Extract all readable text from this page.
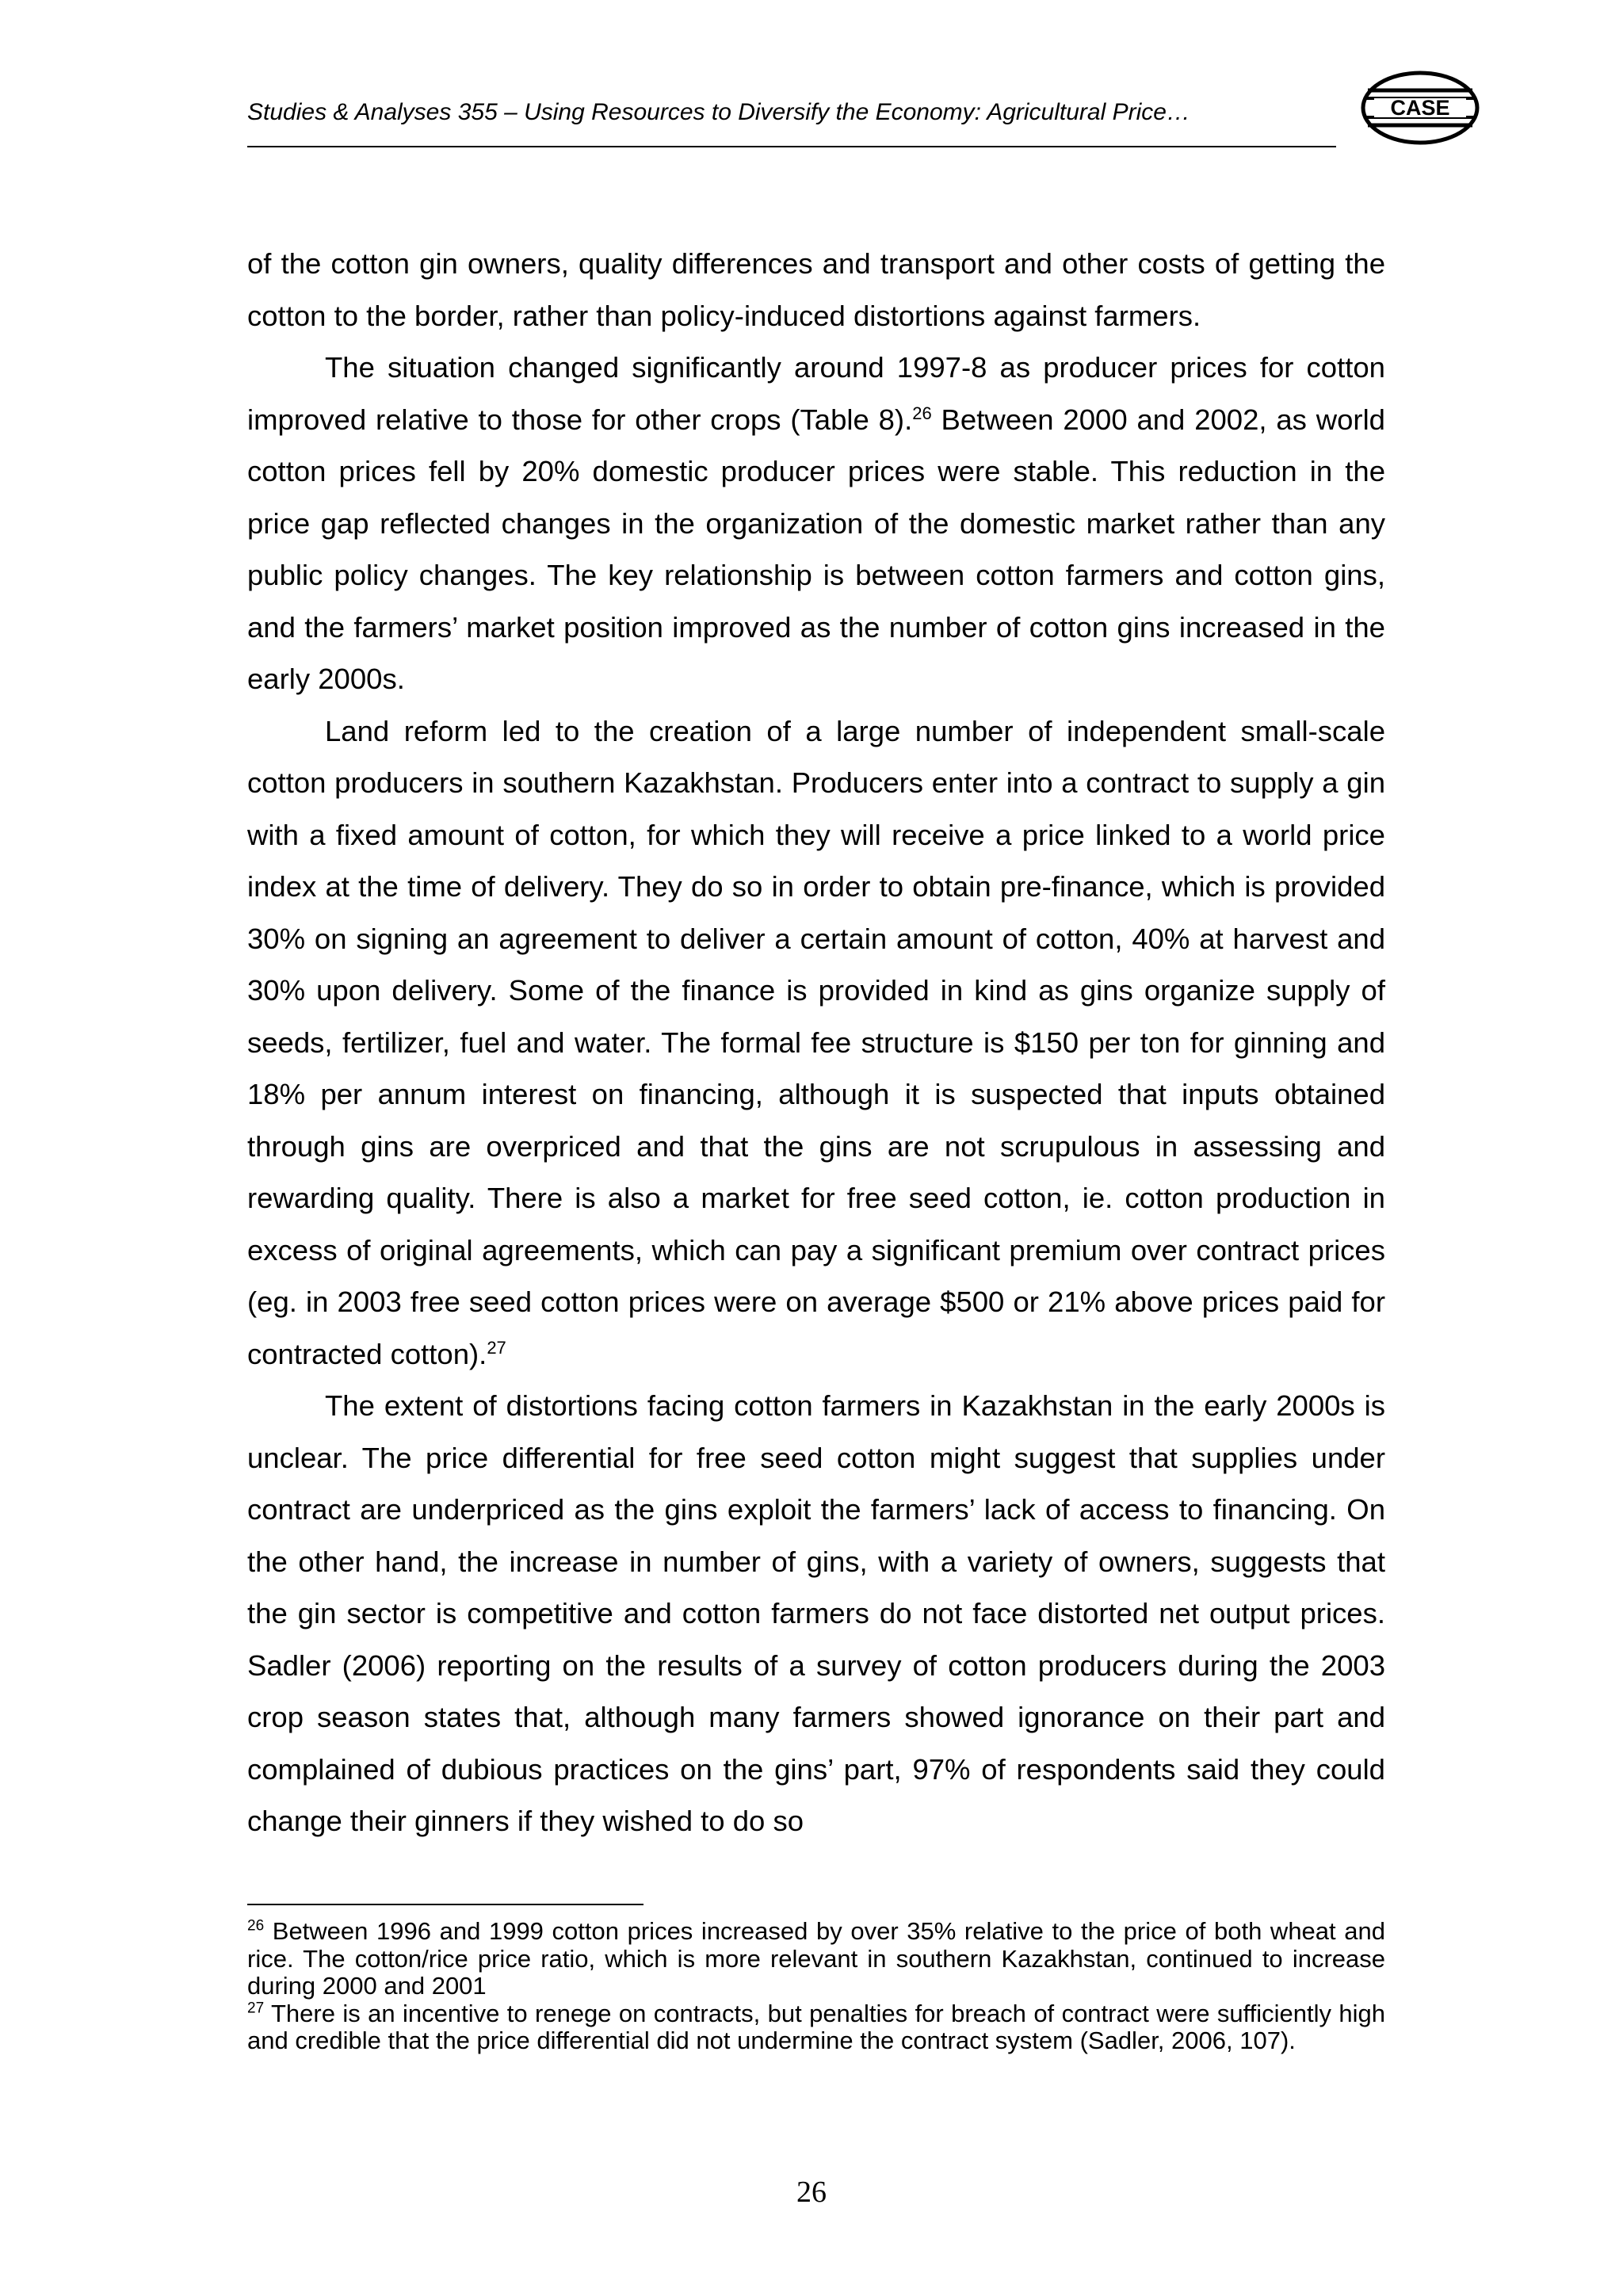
Studies & Analyses 355 – Using Resources to Diversify the Economy: Agricultural Price…	CASE

of the cotton gin owners, quality differences and transport and other costs of getting the cotton to the border, rather than policy-induced distortions against farmers.

The situation changed significantly around 1997-8 as producer prices for cotton improved relative to those for other crops (Table 8).$^{26}$ Between 2000 and 2002, as world cotton prices fell by 20% domestic producer prices were stable. This reduction in the price gap reflected changes in the organization of the domestic market rather than any public policy changes. The key relationship is between cotton farmers and cotton gins, and the farmers’ market position improved as the number of cotton gins increased in the early 2000s.

Land reform led to the creation of a large number of independent small-scale cotton producers in southern Kazakhstan. Producers enter into a contract to supply a gin with a fixed amount of cotton, for which they will receive a price linked to a world price index at the time of delivery. They do so in order to obtain pre-finance, which is provided 30% on signing an agreement to deliver a certain amount of cotton, 40% at harvest and 30% upon delivery. Some of the finance is provided in kind as gins organize supply of seeds, fertilizer, fuel and water. The formal fee structure is $150 per ton for ginning and 18% per annum interest on financing, although it is suspected that inputs obtained through gins are overpriced and that the gins are not scrupulous in assessing and rewarding quality. There is also a market for free seed cotton, ie. cotton production in excess of original agreements, which can pay a significant premium over contract prices (eg. in 2003 free seed cotton prices were on average $500 or 21% above prices paid for contracted cotton).$^{27}$

The extent of distortions facing cotton farmers in Kazakhstan in the early 2000s is unclear. The price differential for free seed cotton might suggest that supplies under contract are underpriced as the gins exploit the farmers’ lack of access to financing. On the other hand, the increase in number of gins, with a variety of owners, suggests that the gin sector is competitive and cotton farmers do not face distorted net output prices. Sadler (2006) reporting on the results of a survey of cotton producers during the 2003 crop season states that, although many farmers showed ignorance on their part and complained of dubious practices on the gins’ part, 97% of respondents said they could change their ginners if they wished to do so

$^{26}$ Between 1996 and 1999 cotton prices increased by over 35% relative to the price of both wheat and rice. The cotton/rice price ratio, which is more relevant in southern Kazakhstan, continued to increase during 2000 and 2001

$^{27}$ There is an incentive to renege on contracts, but penalties for breach of contract were sufficiently high and credible that the price differential did not undermine the contract system (Sadler, 2006, 107).

26
